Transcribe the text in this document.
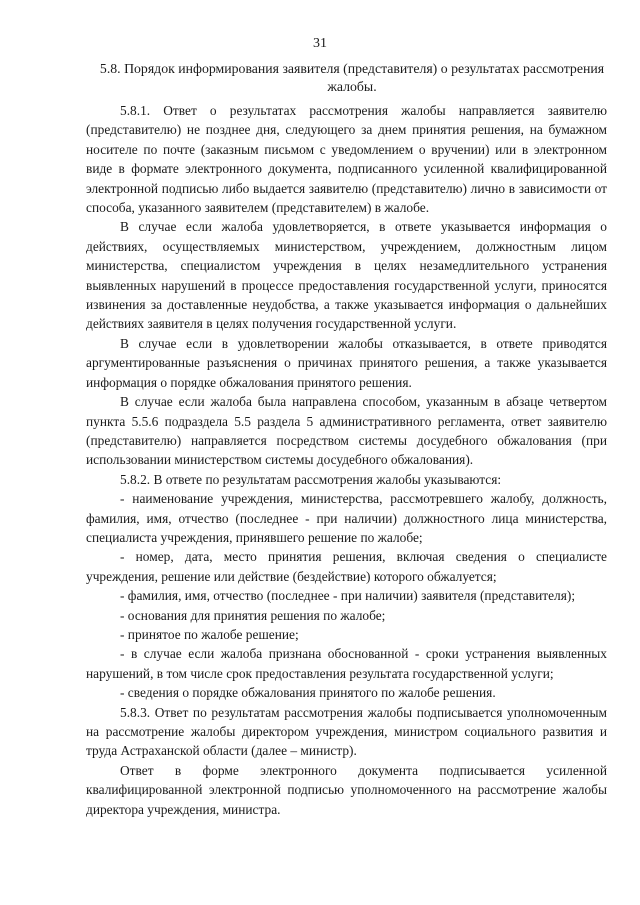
31
5.8. Порядок информирования заявителя (представителя) о результатах рассмотрения жалобы.

5.8.1. Ответ о результатах рассмотрения жалобы направляется заявителю (представителю) не позднее дня, следующего за днем принятия решения, на бумажном носителе по почте (заказным письмом с уведомлением о вручении) или в электронном виде в формате электронного документа, подписанного усиленной квалифицированной электронной подписью либо выдается заявителю (представителю) лично в зависимости от способа, указанного заявителем (представителем) в жалобе.

В случае если жалоба удовлетворяется, в ответе указывается информация о действиях, осуществляемых министерством, учреждением, должностным лицом министерства, специалистом учреждения в целях незамедлительного устранения выявленных нарушений в процессе предоставления государственной услуги, приносятся извинения за доставленные неудобства, а также указывается информация о дальнейших действиях заявителя в целях получения государственной услуги.

В случае если в удовлетворении жалобы отказывается, в ответе приводятся аргументированные разъяснения о причинах принятого решения, а также указывается информация о порядке обжалования принятого решения.

В случае если жалоба была направлена способом, указанным в абзаце четвертом пункта 5.5.6 подраздела 5.5 раздела 5 административного регламента, ответ заявителю (представителю) направляется посредством системы досудебного обжалования (при использовании министерством системы досудебного обжалования).

5.8.2. В ответе по результатам рассмотрения жалобы указываются:

- наименование учреждения, министерства, рассмотревшего жалобу, должность, фамилия, имя, отчество (последнее - при наличии) должностного лица министерства, специалиста учреждения, принявшего решение по жалобе;

- номер, дата, место принятия решения, включая сведения о специалисте учреждения, решение или действие (бездействие) которого обжалуется;

- фамилия, имя, отчество (последнее - при наличии) заявителя (представителя);

- основания для принятия решения по жалобе;

- принятое по жалобе решение;

- в случае если жалоба признана обоснованной - сроки устранения выявленных нарушений, в том числе срок предоставления результата государственной услуги;

- сведения о порядке обжалования принятого по жалобе решения.

5.8.3. Ответ по результатам рассмотрения жалобы подписывается уполномоченным на рассмотрение жалобы директором учреждения, министром социального развития и труда Астраханской области (далее – министр).

Ответ в форме электронного документа подписывается усиленной квалифицированной электронной подписью уполномоченного на рассмотрение жалобы директора учреждения, министра.
